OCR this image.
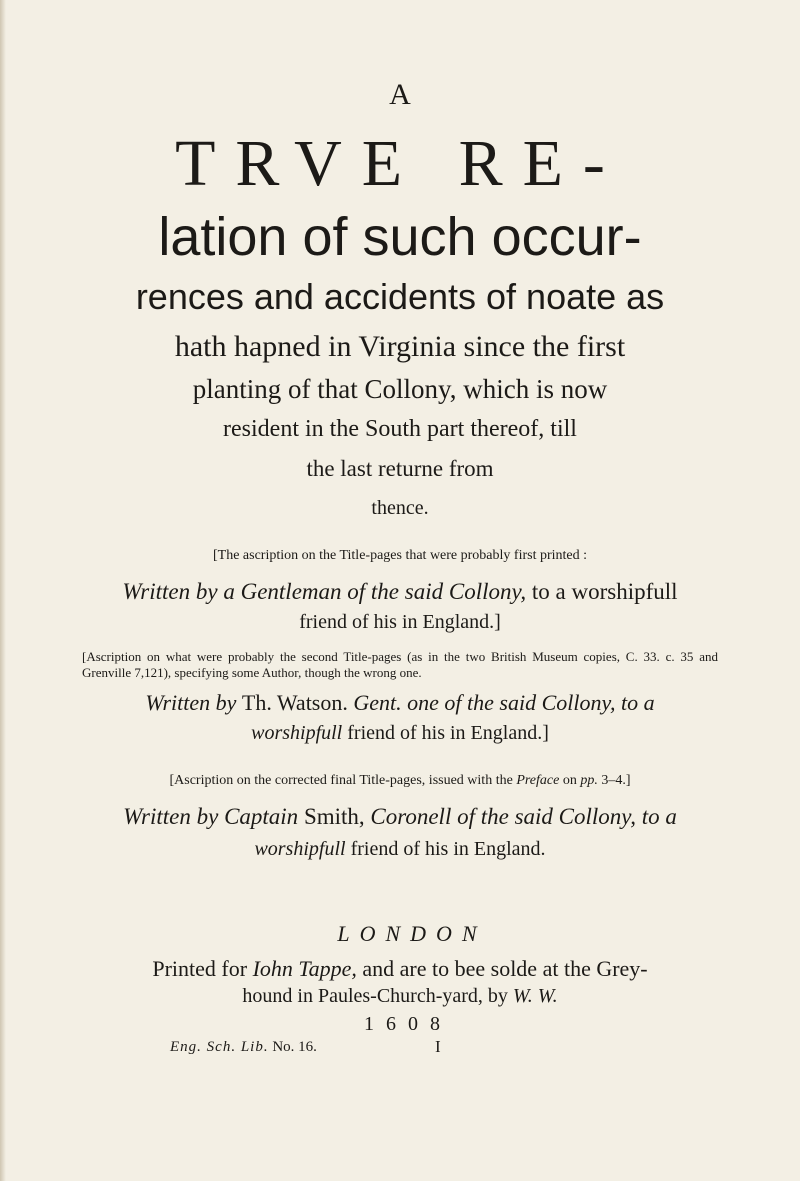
A
TRVE RE-
lation of such occur-
rences and accidents of noate as
hath hapned in Virginia since the first
planting of that Collony, which is now
resident in the South part thereof, till
the last returne from
thence.
[The ascription on the Title-pages that were probably first printed :
Written by a Gentleman of the said Collony, to a worshipfull
friend of his in England.]
[Ascription on what were probably the second Title-pages (as in the two British Museum copies, C. 33. c. 35 and Grenville 7,121), specifying some Author, though the wrong one.
Written by Th. Watson. Gent. one of the said Collony, to a
worshipfull friend of his in England.]
[Ascription on the corrected final Title-pages, issued with the Preface on pp. 3–4.]
Written by Captain Smith, Coronell of the said Collony, to a
worshipfull friend of his in England.
LONDON
Printed for Iohn Tappe, and are to bee solde at the Grey-
hound in Paules-Church-yard, by W. W.
1608
Eng. Sch. Lib. No. 16.	I
